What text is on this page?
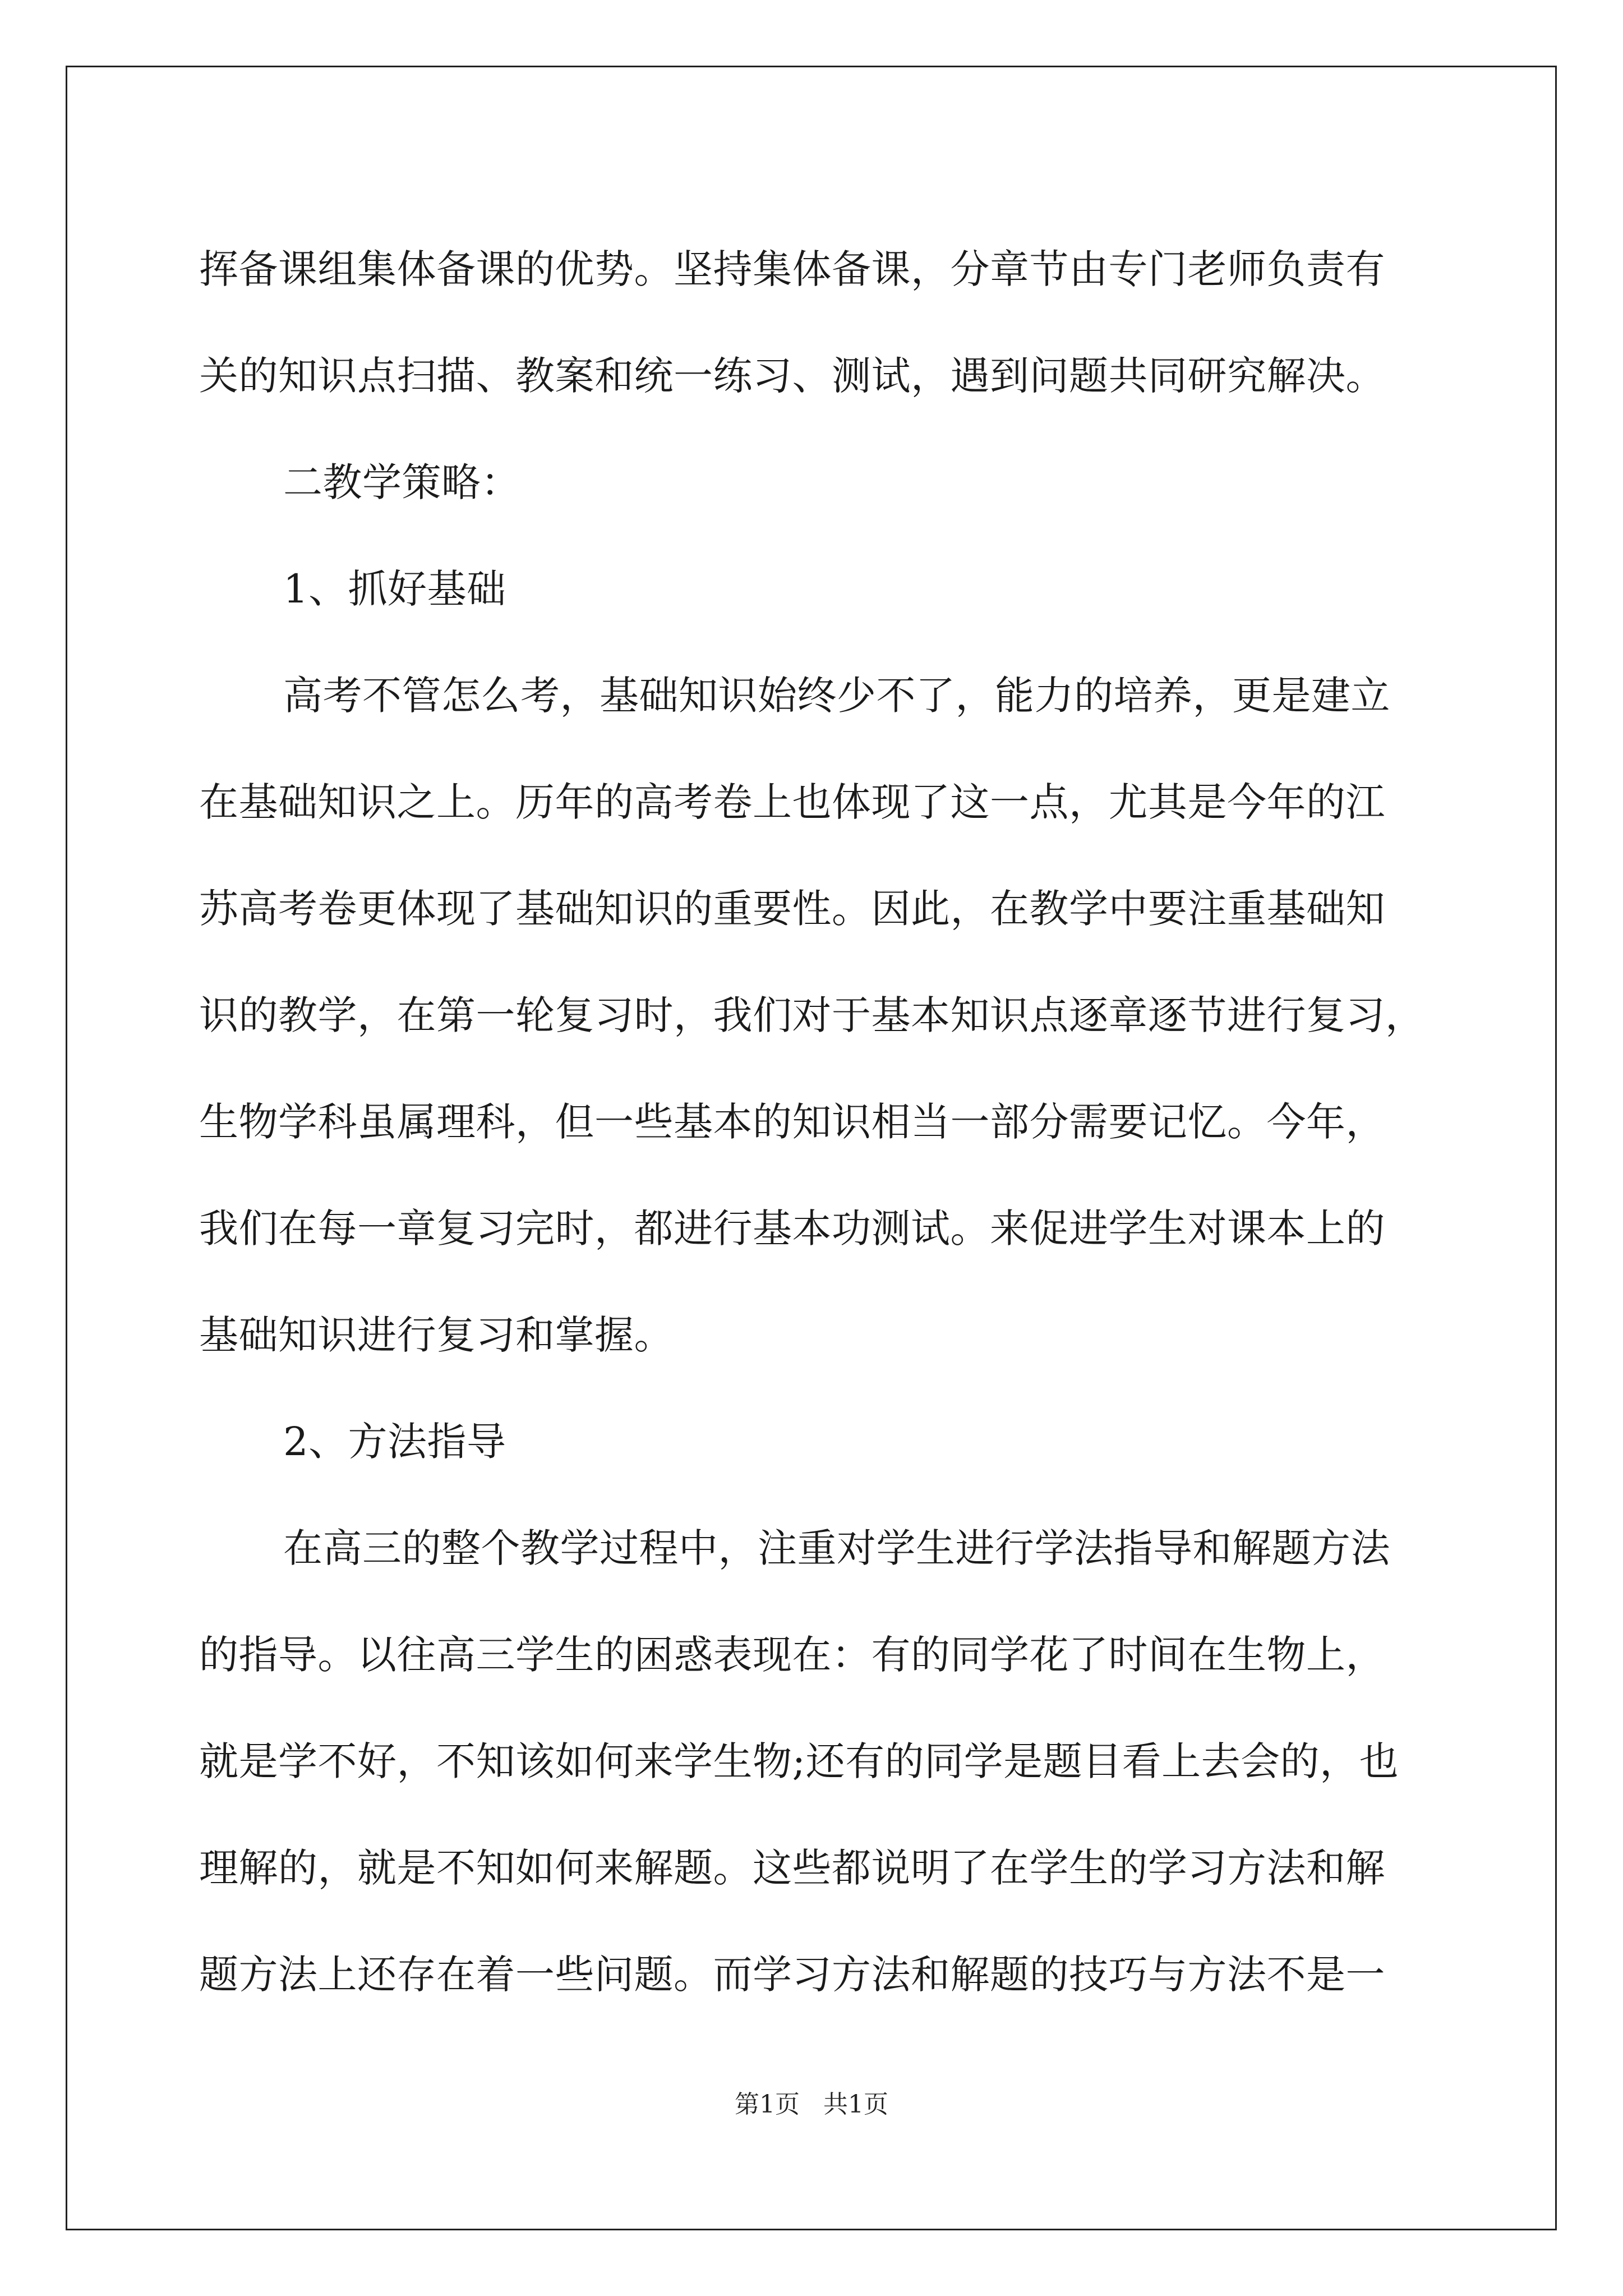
挥备课组集体备课的优势。坚持集体备课，分章节由专门老师负责有
关的知识点扫描、教案和统一练习、测试，遇到问题共同研究解决。
二教学策略：
1、抓好基础
高考不管怎么考，基础知识始终少不了，能力的培养，更是建立
在基础知识之上。历年的高考卷上也体现了这一点，尤其是今年的江
苏高考卷更体现了基础知识的重要性。因此，在教学中要注重基础知
识的教学，在第一轮复习时，我们对于基本知识点逐章逐节进行复习，
生物学科虽属理科，但一些基本的知识相当一部分需要记忆。今年，
我们在每一章复习完时，都进行基本功测试。来促进学生对课本上的
基础知识进行复习和掌握。
2、方法指导
在高三的整个教学过程中，注重对学生进行学法指导和解题方法
的指导。以往高三学生的困惑表现在：有的同学花了时间在生物上，
就是学不好，不知该如何来学生物;还有的同学是题目看上去会的，也
理解的，就是不知如何来解题。这些都说明了在学生的学习方法和解
题方法上还存在着一些问题。而学习方法和解题的技巧与方法不是一
第1页   共1页
